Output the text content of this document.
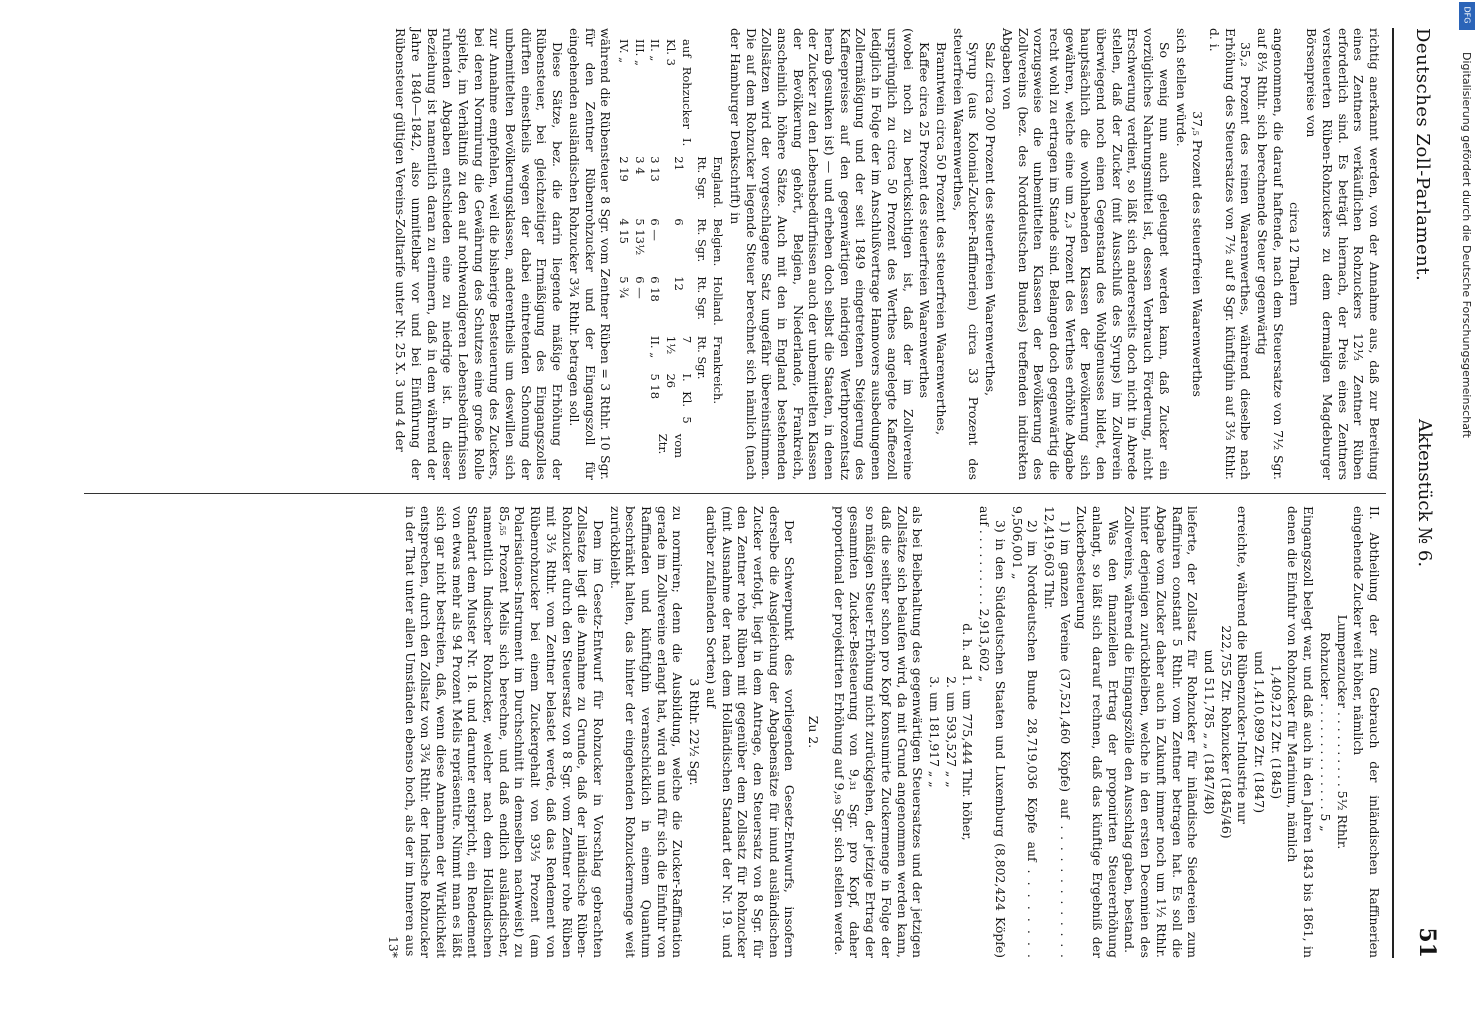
Deutsches Zoll-Parlament.
Aktenstück № 6.
51

richtig anerkannt werden, von der Annahme aus, daß zur Bereitung eines Zentners verkäuflichen Rohzuckers 12⅓ Zentner Rüben erforderlich sind. Es beträgt hiernach, der Preis eines Zentners versteuerten Rüben-Rohzuckers zu dem dermaligen Magdeburger Börsenpreise von

circa 12 Thalern

angenommen, die darauf haftende, nach dem Steuersatze von 7½ Sgr. auf 8⅓ Rthlr. sich berechnende Steuer gegenwärtig

35,₂ Prozent des reinen Waarenwerthes, während dieselbe nach Erhöhung des Steuersatzes von 7½ auf 8 Sgr. künftighin auf 3⅓ Rthlr. d. i.

37,₅ Prozent des steuerfreien Waarenwerthes

sich stellen würde.

So wenig nun auch geleugnet werden kann, daß Zucker ein vorzügliches Nahrungsmittel ist, dessen Verbrauch Förderung, nicht Erschwerung verdient, so läßt sich andererseits doch nicht in Abrede stellen, daß der Zucker (mit Ausschluß des Syrups) im Zollverein überwiegend noch einen Gegenstand des Wohlgenusses bildet, den hauptsächlich die wohlhabenden Klassen der Bevölkerung sich gewähren, welche eine um 2,₃ Prozent des Werthes erhöhte Abgabe recht wohl zu ertragen im Stande sind. Belangen doch gegenwärtig die vorzugsweise die unbemittelten Klassen der Bevölkerung des Zollvereins (bez. des Norddeutschen Bundes) treffenden indirekten Abgaben von

Salz circa 200 Prozent des steuerfreien Waarenwerthes,

Syrup (aus Kolonial-Zucker-Raffinerien) circa 33 Prozent des steuerfreien Waarenwerthes,

Branntwein circa 50 Prozent des steuerfreien Waarenwerthes,

Kaffee circa 25 Prozent des steuerfreien Waarenwerthes

(wobei noch zu berücksichtigen ist, daß der im Zollvereine ursprünglich zu circa 50 Prozent des Werthes angelegte Kaffeezoll lediglich in Folge der im Anschlußvertrage Hannovers ausbedungenen Zollermäßigung und der seit 1849 eingetretenen Steigerung des Kaffeepreises auf den gegenwärtigen niedrigen Werthprozentsatz herab gesunken ist) — und erheben doch selbst die Staaten, in denen der Zucker zu den Lebensbedürfnissen auch der unbemittelten Klassen der Bevölkerung gehört, Belgien, Niederlande, Frankreich, anscheinlich höhere Sätze. Auch mit den in England bestehenden Zollsätzen wird der vorgeschlagene Satz ungefähr übereinstimmen. Die auf dem Rohzucker liegende Steuer berechnet sich nämlich (nach der Hamburger Denkschrift) in

	England.	Belgien.	Holland.	Frankreich.		vom Ztr.
	Rt. Sgr.	Rt. Sgr.	Rt. Sgr.	Rt. Sgr.		
auf Rohzucker I. Kl. 3	21	6	12	7 1½	I. Kl. 5 26	
II. „	3 13	6 —	6 18	II. „	5 18	
III. „	3 4	5 13½	6 —			
IV. „	2 19	4 15	5 ¾			

während die Rübensteuer 8 Sgr. vom Zentner Rüben = 3 Rthlr. 10 Sgr. für den Zentner Rübenrohzucker und der Eingangszoll für eingehenden ausländischen Rohzucker 3¾ Rthlr. betragen soll.

Diese Sätze, bez. die darin liegende mäßige Erhöhung der Rübensteuer, bei gleichzeitiger Ermäßigung des Eingangszolles dürften einestheils wegen der dabei eintretenden Schonung der unbemittelten Bevölkerungsklassen, anderentheils um deswillen sich zur Annahme empfehlen, weil die bisherige Besteuerung des Zuckers, bei deren Normirung die Gewährung des Schutzes eine große Rolle spielte, im Verhältniß zu den auf nothwendigeren Lebensbedürfnissen ruhenden Abgaben entschieden eine zu niedrige ist. In dieser Beziehung ist namentlich daran zu erinnern, daß in dem während der Jahre 1840—1842, also unmittelbar vor und bei Einführung der Rübensteuer gültigen Vereins-Zolltarife unter Nr. 25 X. 3 und 4 der

II. Abtheilung der zum Gebrauch der inländischen Raffinerien eingehende Zucker weit höher, nämlich

Lumpenzucker . . . . . . . . . . 5½ Rthlr.

Rohzucker . . . . . . . . . . . . . . 5 „

Eingangszoll belegt war, und daß auch in den Jahren 1843 bis 1861, in denen die Einfuhr von Rohzucker für Marinium, nämlich

1,409,212 Ztr. (1845)

und 1,410,899 Ztr. (1847)

erreichte, während die Rübenzucker-Industrie nur

222,755 Ztr. Rohzucker (1845/46)

und 511,785 „ „ (1847/48)

lieferte, der Zollsatz für Rohzucker für inländische Siedereien zum Raffiniren constant 5 Rthlr. vom Zentner betragen hat. Es soll die Abgabe vom Zucker daher auch in Zukunft immer noch um 1½ Rthlr. hinter derjenigen zurückbleiben, welche in den ersten Decennien des Zollvereins, während die Eingangszölle den Ausschlag gaben, bestand.

Was den finanziellen Ertrag der proponirten Steuererhöhung anlangt, so läßt sich darauf rechnen, daß das künftige Ergebniß der Zuckerbesteuerung

1) im ganzen Vereine (37,521,460 Köpfe) auf . . . . . . . . . . . . . 12,419,603 Thlr.

2) im Norddeutschen Bunde 28,719,036 Köpfe auf . . . . . . . . 9,506,001 „

3) in den Süddeutschen Staaten und Luxemburg (8,802,424 Köpfe) auf . . . . . . . . . . 2,913,602 „

d. h. ad 1. um 775,444 Thlr. höher,

2. um 593,527 „ „

3. um 181,917 „ „

als bei Beibehaltung des gegenwärtigen Steuersatzes und der jetzigen Zollsätze sich belaufen wird, da mit Grund angenommen werden kann, daß die seither schon pro Kopf konsumirte Zuckermenge in Folge der so mäßigen Steuer-Erhöhung nicht zurückgehen, der jetzige Ertrag der gesammten Zucker-Besteuerung von 9,₃₁ Sgr. pro Kopf, daher proportional der projektirten Erhöhung auf 9,₉₃ Sgr. sich stellen werde.

Zu 2.

Der Schwerpunkt des vorliegenden Gesetz-Entwurfs, insofern derselbe die Ausgleichung der Abgabensätze für inund ausländischen Zucker verfolgt, liegt in dem Antrage, den Steuersatz von 8 Sgr. für den Zentner rohe Rüben mit gegenüber dem Zollsatz für Rohzucker (mit Ausnahme der nach dem Holländischen Standart der Nr. 19. und darüber zufallenden Sorten) auf

3 Rthlr. 22½ Sgr.

zu normiren; denn die Ausbildung, welche die Zucker-Raffination gerade im Zollvereine erlangt hat, wird an und für sich die Einfuhr von Raffinaden und künftighin veranschicklich in einem Quantum beschränkt halten, das hinter der eingehenden Rohzuckermenge weit zurückbleibt.

Dem im Gesetz-Entwurf für Rohzucker in Vorschlag gebrachten Zollsatze liegt die Annahme zu Grunde, daß der inländische Rüben-Rohzucker durch den Steuersatz von 8 Sgr. vom Zentner rohe Rüben mit 3⅓ Rthlr. vom Zentner belastet werde, daß das Rendement von Rübenrohzucker bei einem Zuckergehalt von 93⅓ Prozent (am Polarisations-Instrument im Durchschnitt in demselben nachweist) zu 85,₅₅ Prozent Melis sich berechne, und daß endlich ausländischer, namentlich Indischer Rohzucker, welcher nach dem Holländischen Standart dem Muster Nr. 18. und darunter entspricht, ein Rendement von etwas mehr als 94 Prozent Melis repräsentire. Nimmt man es läßt sich gar nicht bestreiten, daß, wenn diese Annahmen der Wirklichkeit entsprechen, durch den Zollsatz von 3¾ Rthlr. der Indische Rohzucker in der That unter allen Umständen ebenso hoch, als der im Inneren aus

13*

DFG
Digitalisierung gefördert durch die Deutsche Forschungsgemeinschaft
